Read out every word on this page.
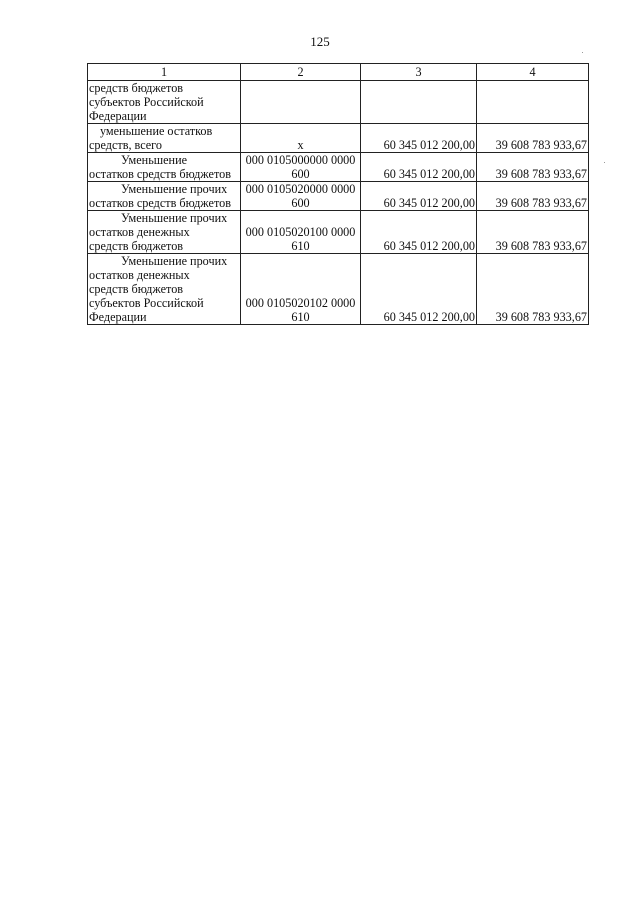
125
1	2	3	4

средств бюджетов
субъектов Российской
Федерации			

уменьшение остатков
средств, всего	x	60 345 012 200,00	39 608 783 933,67

Уменьшение
остатков средств бюджетов	000 0105000000 0000
600	60 345 012 200,00	39 608 783 933,67

Уменьшение прочих
остатков средств бюджетов	000 0105020000 0000
600	60 345 012 200,00	39 608 783 933,67

Уменьшение прочих
остатков денежных
средств бюджетов	000 0105020100 0000
610	60 345 012 200,00	39 608 783 933,67

Уменьшение прочих
остатков денежных
средств бюджетов
субъектов Российской
Федерации	000 0105020102 0000
610	60 345 012 200,00	39 608 783 933,67
